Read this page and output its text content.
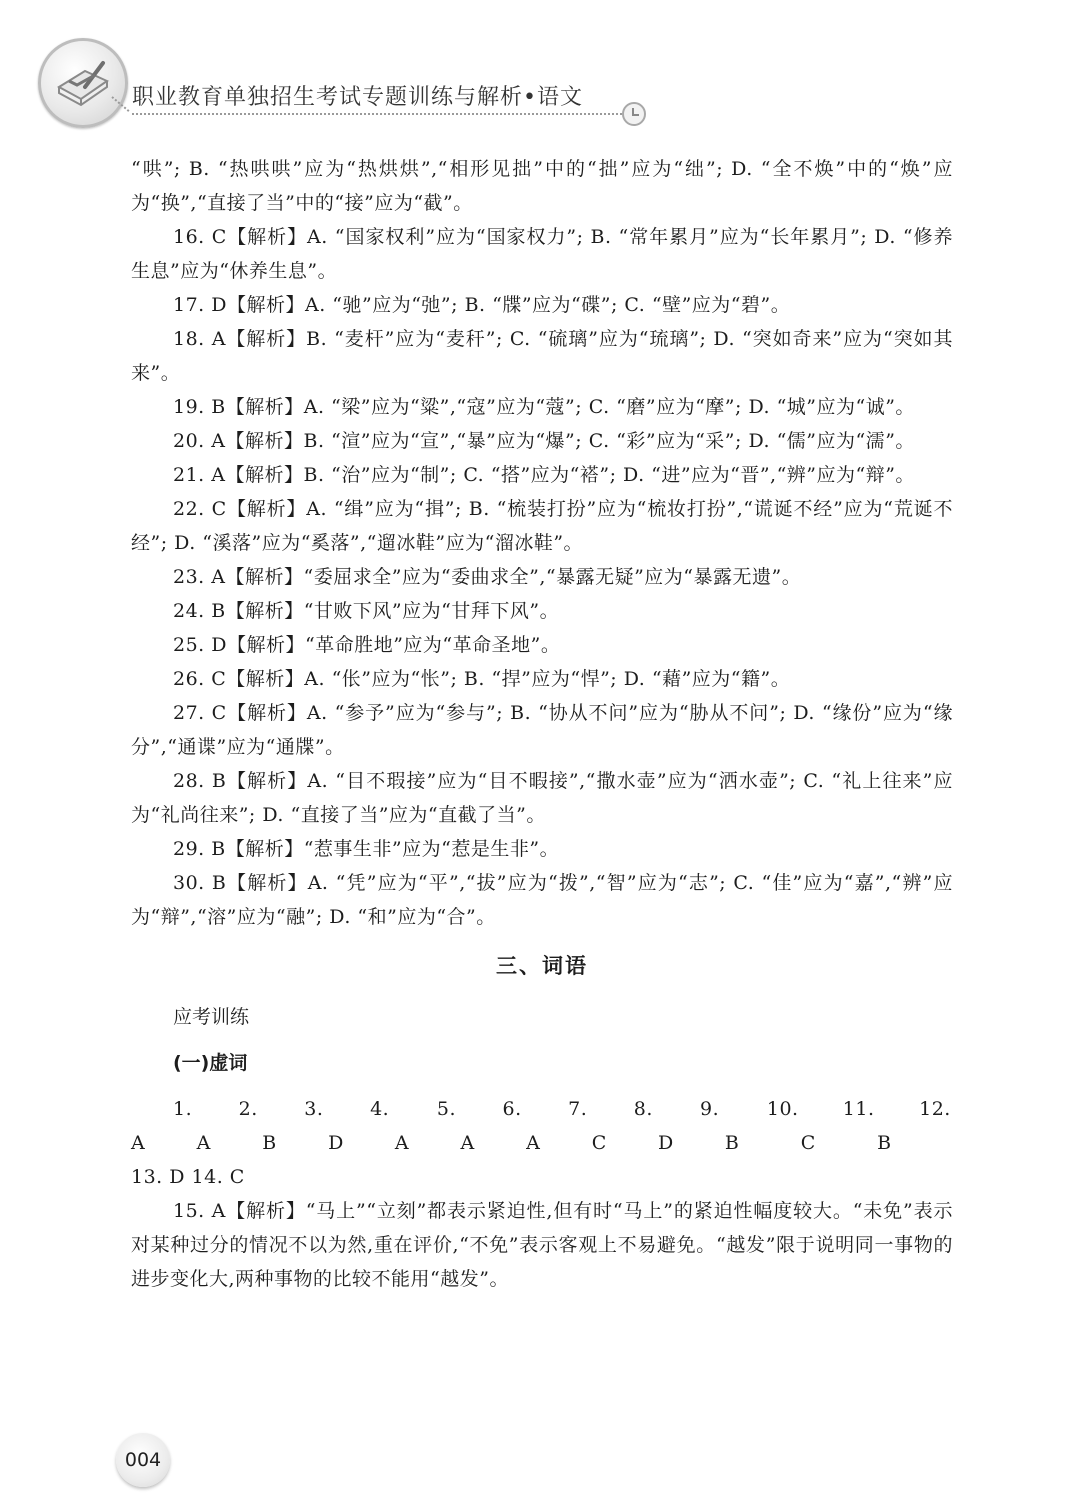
职业教育单独招生考试专题训练与解析•语文

“哄”; B. “热哄哄”应为“热烘烘”,“相形见拙”中的“拙”应为“绌”; D. “全不焕”中的“焕”应为“换”,“直接了当”中的“接”应为“截”。

16. C【解析】A. “国家权利”应为“国家权力”; B. “常年累月”应为“长年累月”; D. “修养生息”应为“休养生息”。

17. D【解析】A. “驰”应为“弛”; B. “牒”应为“碟”; C. “壁”应为“碧”。

18. A【解析】B. “麦杆”应为“麦秆”; C. “硫璃”应为“琉璃”; D. “突如奇来”应为“突如其来”。

19. B【解析】A. “梁”应为“粱”,“寇”应为“蔻”; C. “磨”应为“摩”; D. “城”应为“诚”。

20. A【解析】B. “渲”应为“宣”,“暴”应为“爆”; C. “彩”应为“采”; D. “儒”应为“濡”。

21. A【解析】B. “治”应为“制”; C. “搭”应为“褡”; D. “进”应为“晋”,“辨”应为“辩”。

22. C【解析】A. “缉”应为“揖”; B. “梳装打扮”应为“梳妆打扮”,“谎诞不经”应为“荒诞不经”; D. “溪落”应为“奚落”,“遛冰鞋”应为“溜冰鞋”。

23. A【解析】“委屈求全”应为“委曲求全”,“暴露无疑”应为“暴露无遗”。

24. B【解析】“甘败下风”应为“甘拜下风”。

25. D【解析】“革命胜地”应为“革命圣地”。

26. C【解析】A. “伥”应为“怅”; B. “捍”应为“悍”; D. “藉”应为“籍”。

27. C【解析】A. “参予”应为“参与”; B. “协从不问”应为“胁从不问”; D. “缘份”应为“缘分”,“通谍”应为“通牒”。

28. B【解析】A. “目不瑕接”应为“目不暇接”,“撒水壶”应为“洒水壶”; C. “礼上往来”应为“礼尚往来”; D. “直接了当”应为“直截了当”。

29. B【解析】“惹事生非”应为“惹是生非”。

30. B【解析】A. “凭”应为“平”,“拔”应为“拨”,“智”应为“志”; C. “佳”应为“嘉”,“辨”应为“辩”,“溶”应为“融”; D. “和”应为“合”。

三、词语
应考训练
(一)虚词
1. A
2. A
3. B
4. D
5. A
6. A
7. A
8. C
9. D
10. B
11. C
12. B

13. D 14. C

15. A【解析】“马上”“立刻”都表示紧迫性,但有时“马上”的紧迫性幅度较大。“未免”表示对某种过分的情况不以为然,重在评价,“不免”表示客观上不易避免。“越发”限于说明同一事物的进步变化大,两种事物的比较不能用“越发”。

004
